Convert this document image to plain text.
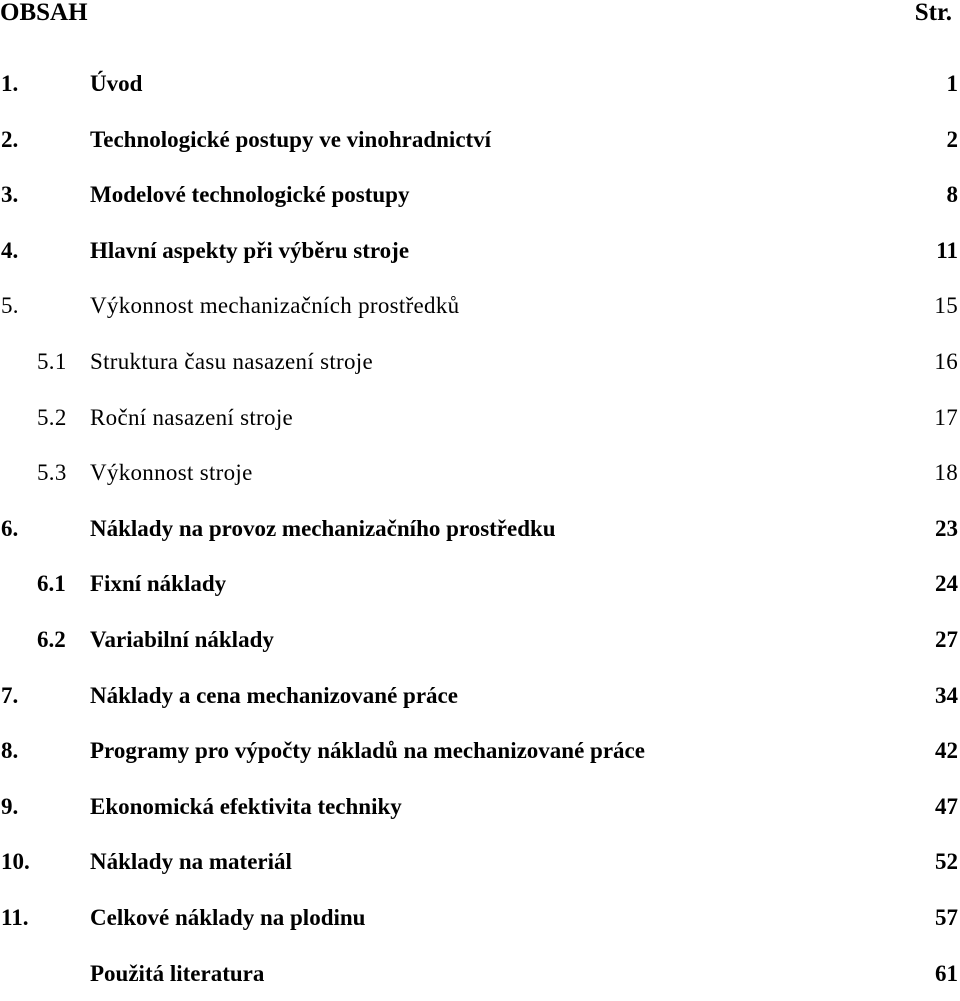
OBSAH	Str.
1.	Úvod	1
2.	Technologické postupy ve vinohradnictví	2
3.	Modelové technologické postupy	8
4.	Hlavní aspekty při výběru stroje	11
5.	Výkonnost mechanizačních prostředků	15
5.1 Struktura času nasazení stroje	16
5.2 Roční nasazení stroje	17
5.3 Výkonnost stroje	18
6.	Náklady na provoz mechanizačního prostředku	23
6.1 Fixní náklady	24
6.2 Variabilní náklady	27
7.	Náklady a cena mechanizované práce	34
8.	Programy pro výpočty nákladů na mechanizované práce	42
9.	Ekonomická efektivita techniky	47
10.	Náklady na materiál	52
11.	Celkové náklady na plodinu	57
Použitá literatura	61
